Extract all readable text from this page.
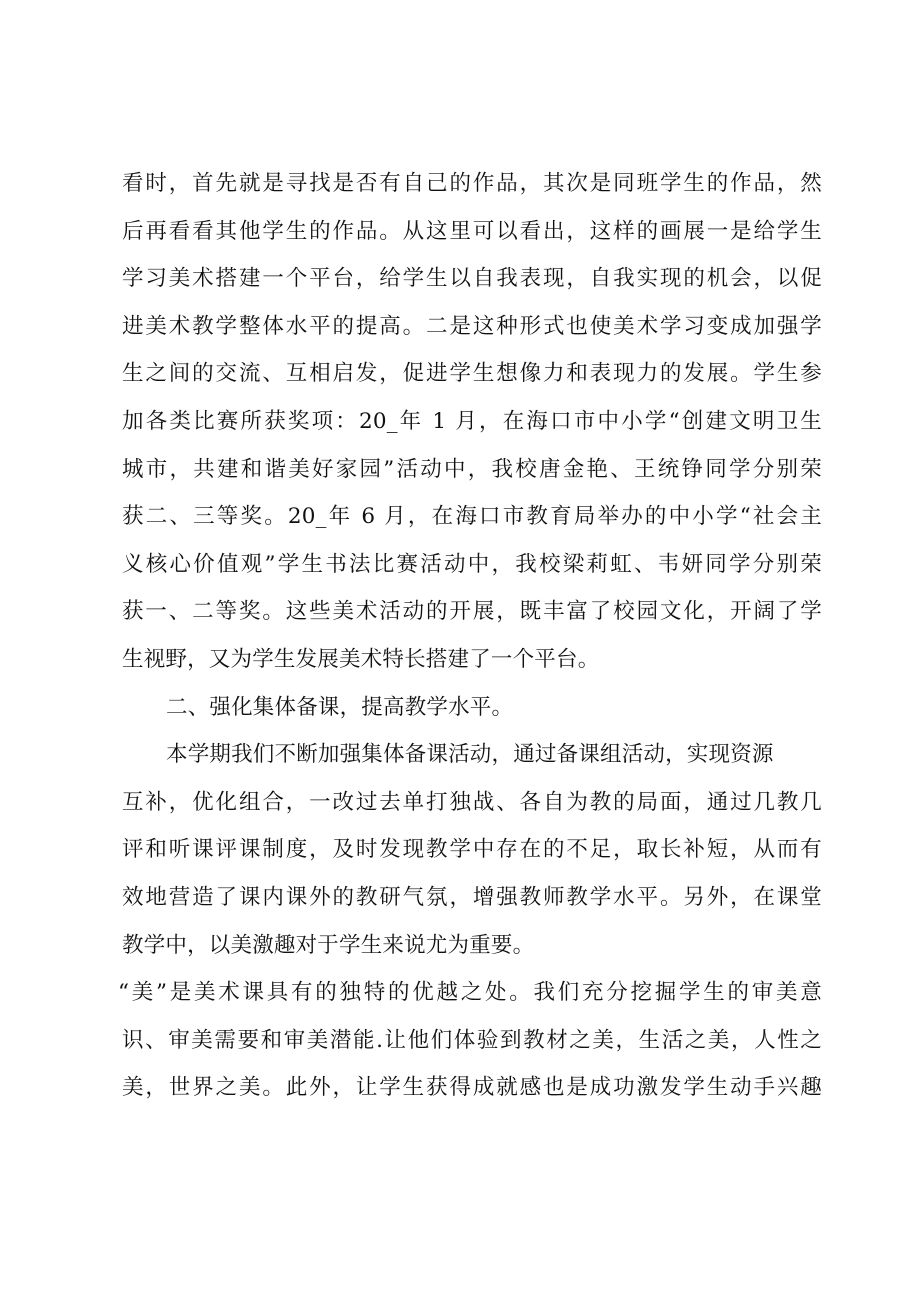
看时，首先就是寻找是否有自己的作品，其次是同班学生的作品，然
后再看看其他学生的作品。从这里可以看出，这样的画展一是给学生
学习美术搭建一个平台，给学生以自我表现，自我实现的机会，以促
进美术教学整体水平的提高。二是这种形式也使美术学习变成加强学
生之间的交流、互相启发，促进学生想像力和表现力的发展。学生参
加各类比赛所获奖项：20_年 1 月，在海口市中小学“创建文明卫生
城市，共建和谐美好家园”活动中，我校唐金艳、王统铮同学分别荣
获二、三等奖。20_年 6 月，在海口市教育局举办的中小学“社会主
义核心价值观”学生书法比赛活动中，我校梁莉虹、韦妍同学分别荣
获一、二等奖。这些美术活动的开展，既丰富了校园文化，开阔了学
生视野，又为学生发展美术特长搭建了一个平台。
二、强化集体备课，提高教学水平。
本学期我们不断加强集体备课活动，通过备课组活动，实现资源
互补，优化组合，一改过去单打独战、各自为教的局面，通过几教几
评和听课评课制度，及时发现教学中存在的不足，取长补短，从而有
效地营造了课内课外的教研气氛，增强教师教学水平。另外，在课堂
教学中，以美激趣对于学生来说尤为重要。
“美”是美术课具有的独特的优越之处。我们充分挖掘学生的审美意
识、审美需要和审美潜能.让他们体验到教材之美，生活之美，人性之
美，世界之美。此外，让学生获得成就感也是成功激发学生动手兴趣
